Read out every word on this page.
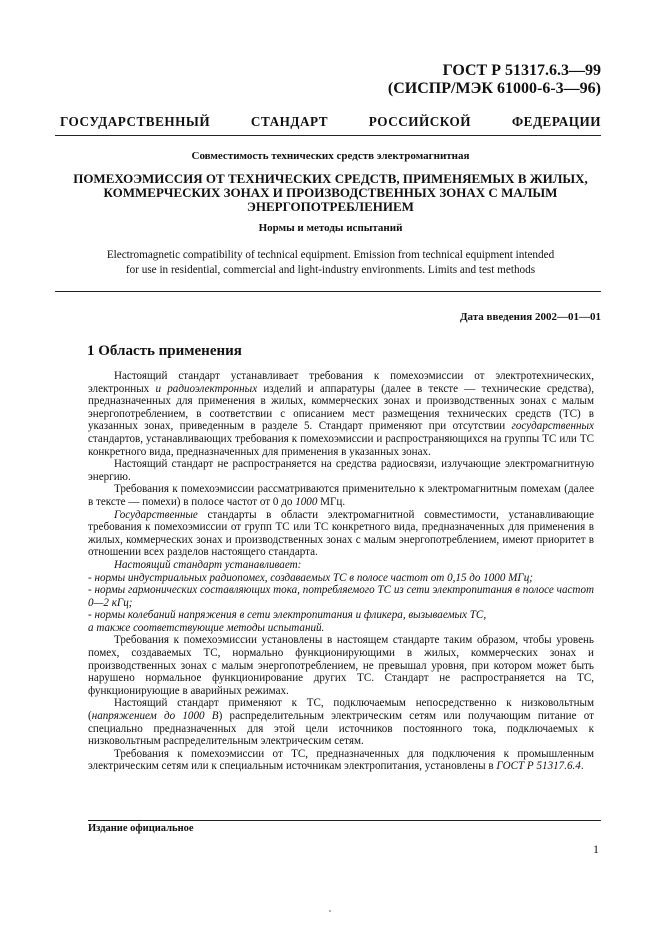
ГОСТ Р 51317.6.3—99
(СИСПР/МЭК 61000-6-3—96)
ГОСУДАРСТВЕННЫЙ СТАНДАРТ РОССИЙСКОЙ ФЕДЕРАЦИИ
Совместимость технических средств электромагнитная
ПОМЕХОЭМИССИЯ ОТ ТЕХНИЧЕСКИХ СРЕДСТВ, ПРИМЕНЯЕМЫХ В ЖИЛЫХ,
КОММЕРЧЕСКИХ ЗОНАХ И ПРОИЗВОДСТВЕННЫХ ЗОНАХ С МАЛЫМ
ЭНЕРГОПОТРЕБЛЕНИЕМ
Нормы и методы испытаний
Electromagnetic compatibility of technical equipment. Emission from technical equipment intended
for use in residential, commercial and light-industry environments. Limits and test methods
Дата введения 2002—01—01
1 Область применения

Настоящий стандарт устанавливает требования к помехоэмиссии от электротехнических, электронных и радиоэлектронных изделий и аппаратуры (далее в тексте — технические средства), предназначенных для применения в жилых, коммерческих зонах и производственных зонах с малым энергопотреблением, в соответствии с описанием мест размещения технических средств (ТС) в указанных зонах, приведенным в разделе 5. Стандарт применяют при отсутствии государственных стандартов, устанавливающих требования к помехоэмиссии и распространяющихся на группы ТС или ТС конкретного вида, предназначенных для применения в указанных зонах.

Настоящий стандарт не распространяется на средства радиосвязи, излучающие электромагнитную энергию.

Требования к помехоэмиссии рассматриваются применительно к электромагнитным помехам (далее в тексте — помехи) в полосе частот от 0 до 1000 МГц.

Государственные стандарты в области электромагнитной совместимости, устанавливающие требования к помехоэмиссии от групп ТС или ТС конкретного вида, предназначенных для применения в жилых, коммерческих зонах и производственных зонах с малым энергопотреблением, имеют приоритет в отношении всех разделов настоящего стандарта.

Настоящий стандарт устанавливает:

- нормы индустриальных радиопомех, создаваемых ТС в полосе частот от 0,15 до 1000 МГц;

- нормы гармонических составляющих тока, потребляемого ТС из сети электропитания в полосе частот 0—2 кГц;

- нормы колебаний напряжения в сети электропитания и фликера, вызываемых ТС,

а также соответствующие методы испытаний.

Требования к помехоэмиссии установлены в настоящем стандарте таким образом, чтобы уровень помех, создаваемых ТС, нормально функционирующими в жилых, коммерческих зонах и производственных зонах с малым энергопотреблением, не превышал уровня, при котором может быть нарушено нормальное функционирование других ТС. Стандарт не распространяется на ТС, функционирующие в аварийных режимах.

Настоящий стандарт применяют к ТС, подключаемым непосредственно к низковольтным (напряжением до 1000 В) распределительным электрическим сетям или получающим питание от специально предназначенных для этой цели источников постоянного тока, подключаемых к низковольтным распределительным электрическим сетям.

Требования к помехоэмиссии от ТС, предназначенных для подключения к промышленным электрическим сетям или к специальным источникам электропитания, установлены в ГОСТ Р 51317.6.4.

Издание официальное
1
